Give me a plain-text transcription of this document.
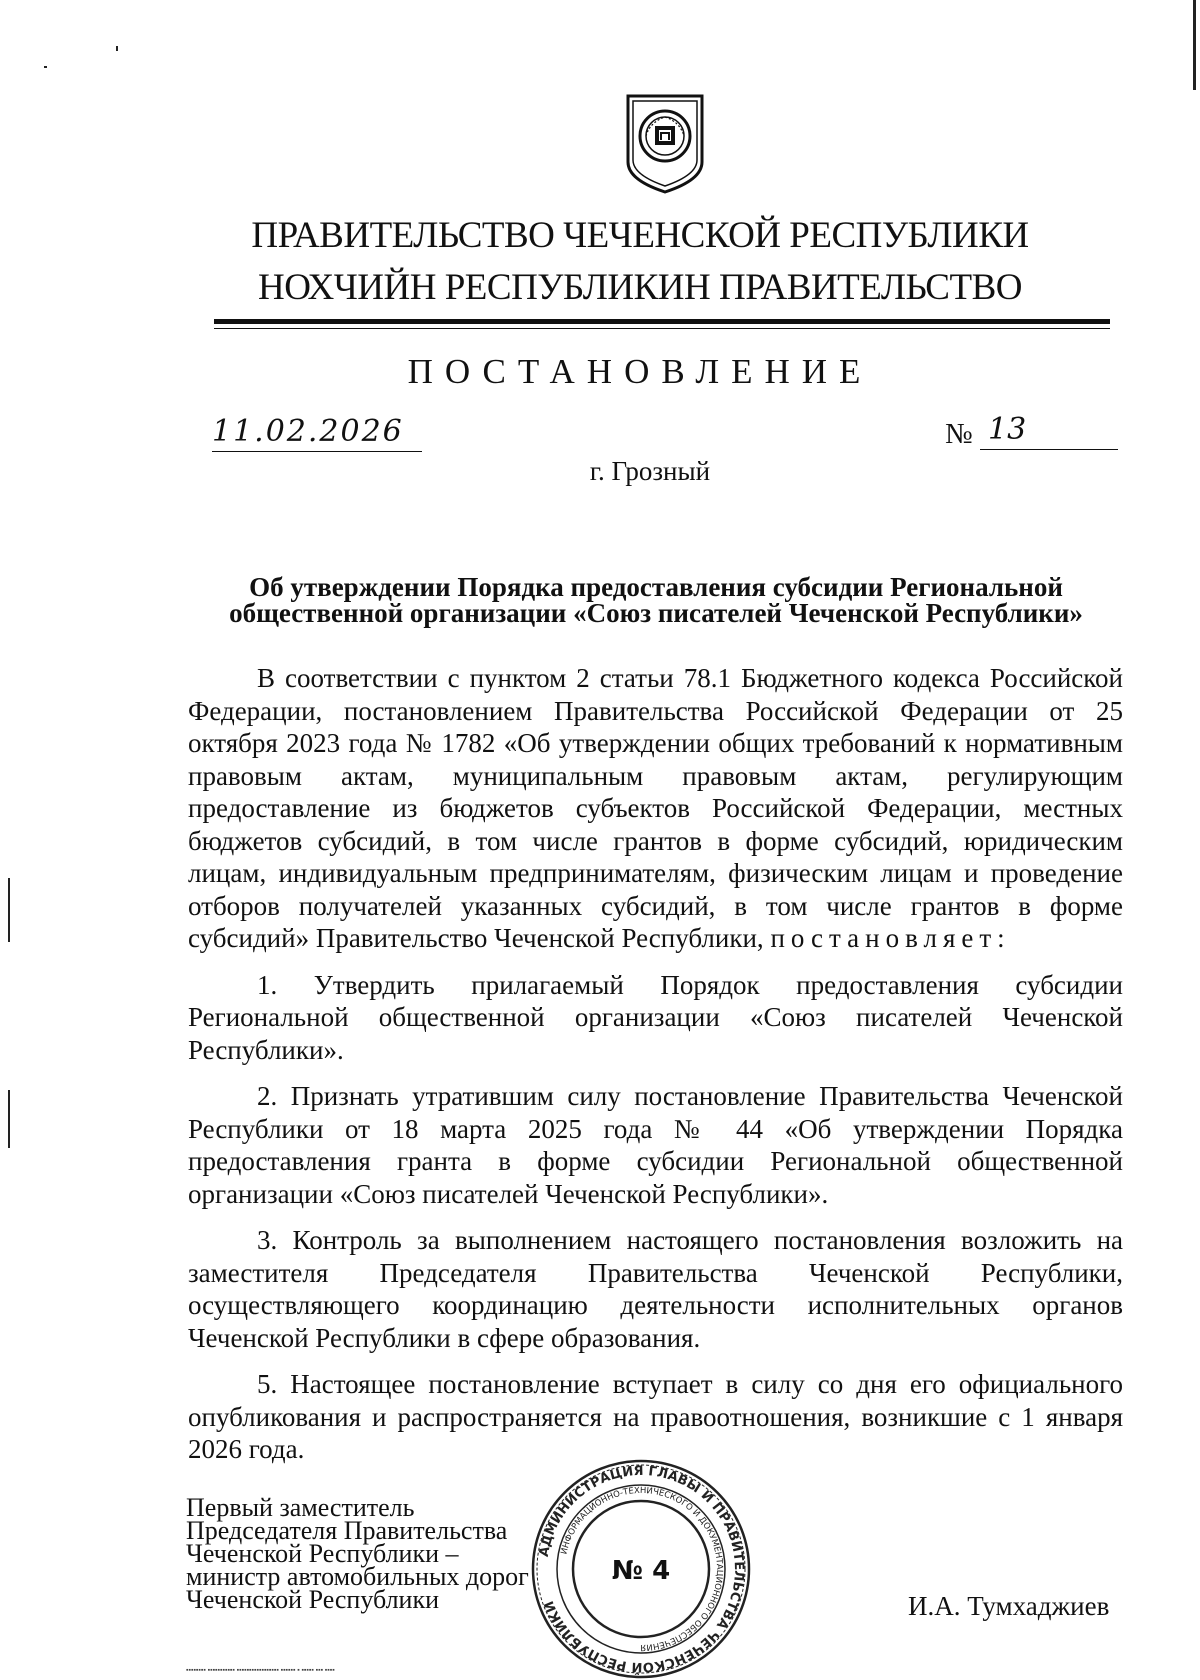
ПРАВИТЕЛЬСТВО ЧЕЧЕНСКОЙ РЕСПУБЛИКИ
НОХЧИЙН РЕСПУБЛИКИН ПРАВИТЕЛЬСТВО
ПОСТАНОВЛЕНИЕ
11.02.2026	№ 13
г. Грозный
Об утверждении Порядка предоставления субсидии Региональной общественной организации «Союз писателей Чеченской Республики»

В соответствии с пунктом 2 статьи 78.1 Бюджетного кодекса Российской Федерации, постановлением Правительства Российской Федерации от 25 октября 2023 года № 1782 «Об утверждении общих требований к нормативным правовым актам, муниципальным правовым актам, регулирующим предоставление из бюджетов субъектов Российской Федерации, местных бюджетов субсидий, в том числе грантов в форме субсидий, юридическим лицам, индивидуальным предпринимателям, физическим лицам и проведение отборов получателей указанных субсидий, в том числе грантов в форме субсидий» Правительство Чеченской Республики, постановляет:

1. Утвердить прилагаемый Порядок предоставления субсидии Региональной общественной организации «Союз писателей Чеченской Республики».

2. Признать утратившим силу постановление Правительства Чеченской Республики от 18 марта 2025 года № 44 «Об утверждении Порядка предоставления гранта в форме субсидии Региональной общественной организации «Союз писателей Чеченской Республики».

3. Контроль за выполнением настоящего постановления возложить на заместителя Председателя Правительства Чеченской Республики, осуществляющего координацию деятельности исполнительных органов Чеченской Республики в сфере образования.

5. Настоящее постановление вступает в силу со дня его официального опубликования и распространяется на правоотношения, возникшие с 1 января 2026 года.

Первый заместитель
Председателя Правительства
Чеченской Республики –
министр автомобильных дорог
Чеченской Республики	И.А. Тумхаджиев
АДМИНИСТРАЦИЯ ГЛАВЫ И ПРАВИТЕЛЬСТВА ЧЕЧЕНСКОЙ РЕСПУБЛИКИ
ИНФОРМАЦИОННО-ТЕХНИЧЕСКОГО И ДОКУМЕНТАЦИОННОГО ОБЕСПЕЧЕНИЯ
№ 4
▪▪▪▪▪▪▪▪ ▪▪▪▪▪▪▪▪▪▪▪ ▪▪▪▪▪▪▪▪▪▪▪▪▪▪▪▪▪ ▪▪▪▪▪▪ ▪ ▪▪▪▪▪ ▪▪▪ ▪▪▪▪
